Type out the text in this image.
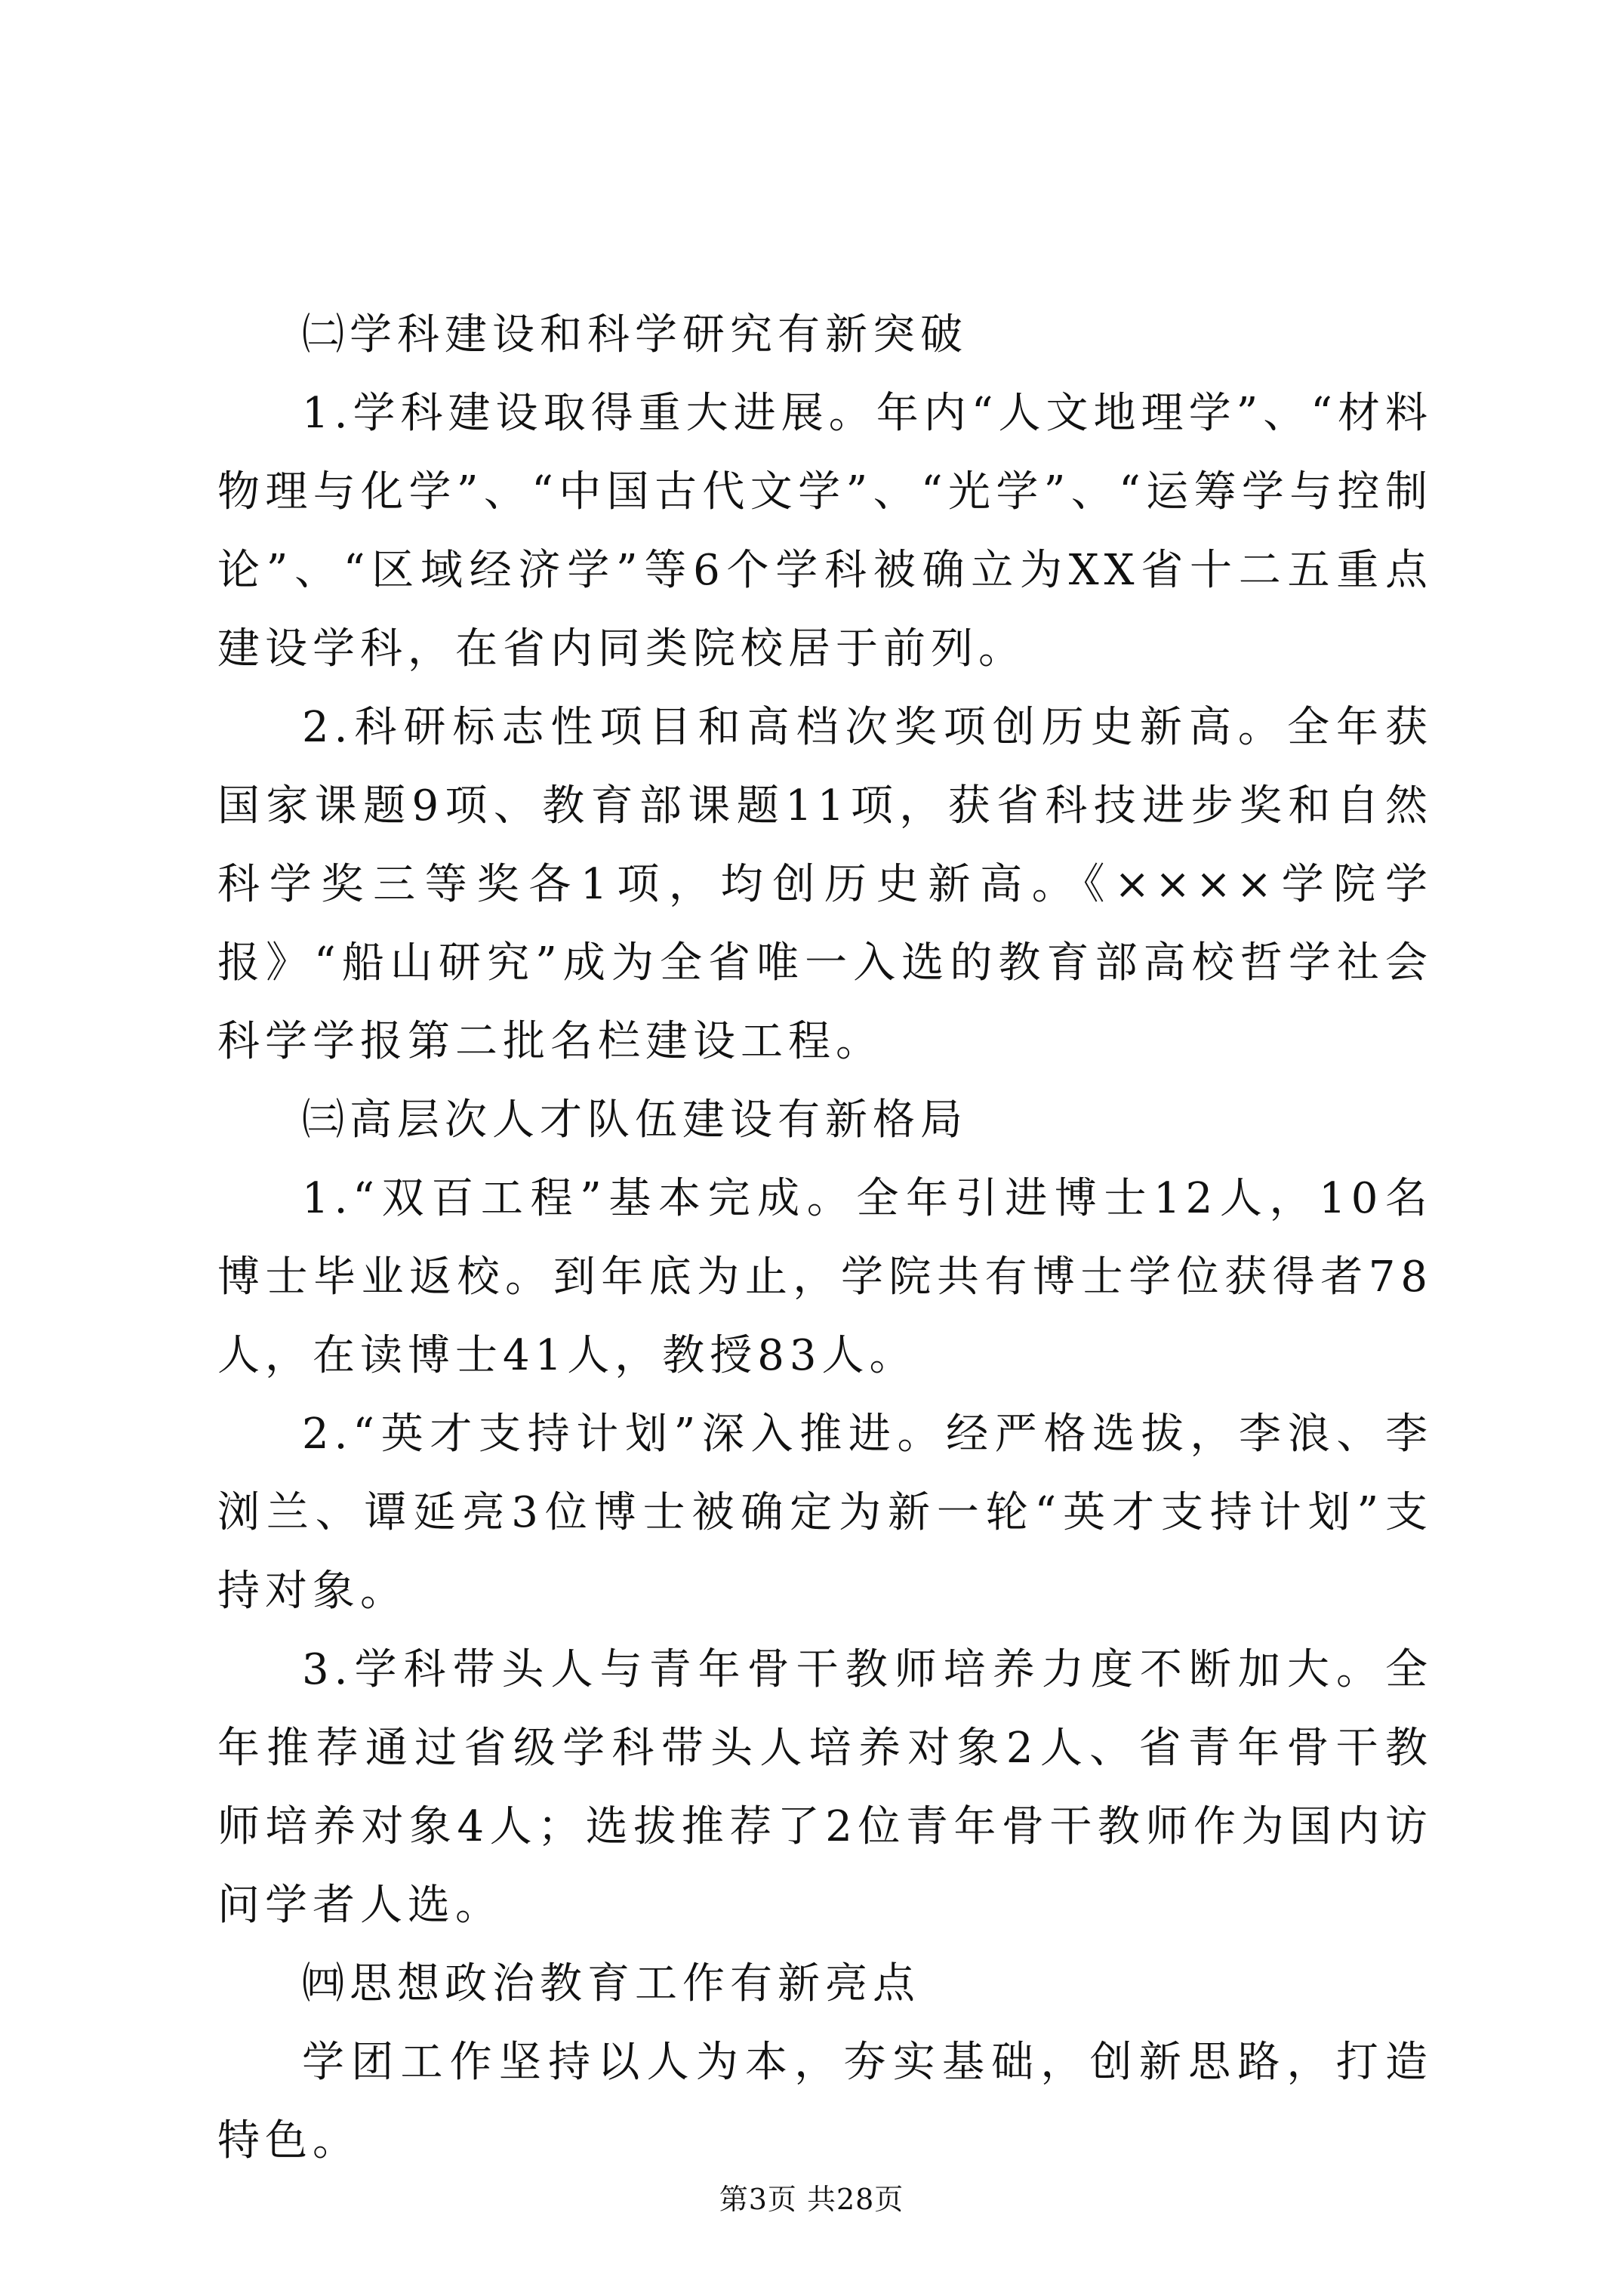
㈡学科建设和科学研究有新突破

1.学科建设取得重大进展。年内“人文地理学”、“材料物理与化学”、“中国古代文学”、“光学”、“运筹学与控制论”、“区域经济学”等6个学科被确立为XX省十二五重点建设学科，在省内同类院校居于前列。

2.科研标志性项目和高档次奖项创历史新高。全年获国家课题9项、教育部课题11项，获省科技进步奖和自然科学奖三等奖各1项，均创历史新高。《××××学院学报》“船山研究”成为全省唯一入选的教育部高校哲学社会科学学报第二批名栏建设工程。

㈢高层次人才队伍建设有新格局

1.“双百工程”基本完成。全年引进博士12人，10名博士毕业返校。到年底为止，学院共有博士学位获得者78人，在读博士41人，教授83人。

2.“英才支持计划”深入推进。经严格选拔，李浪、李浏兰、谭延亮3位博士被确定为新一轮“英才支持计划”支持对象。

3.学科带头人与青年骨干教师培养力度不断加大。全年推荐通过省级学科带头人培养对象2人、省青年骨干教师培养对象4人；选拔推荐了2位青年骨干教师作为国内访问学者人选。

㈣思想政治教育工作有新亮点

学团工作坚持以人为本，夯实基础，创新思路，打造特色。

第3页 共28页
